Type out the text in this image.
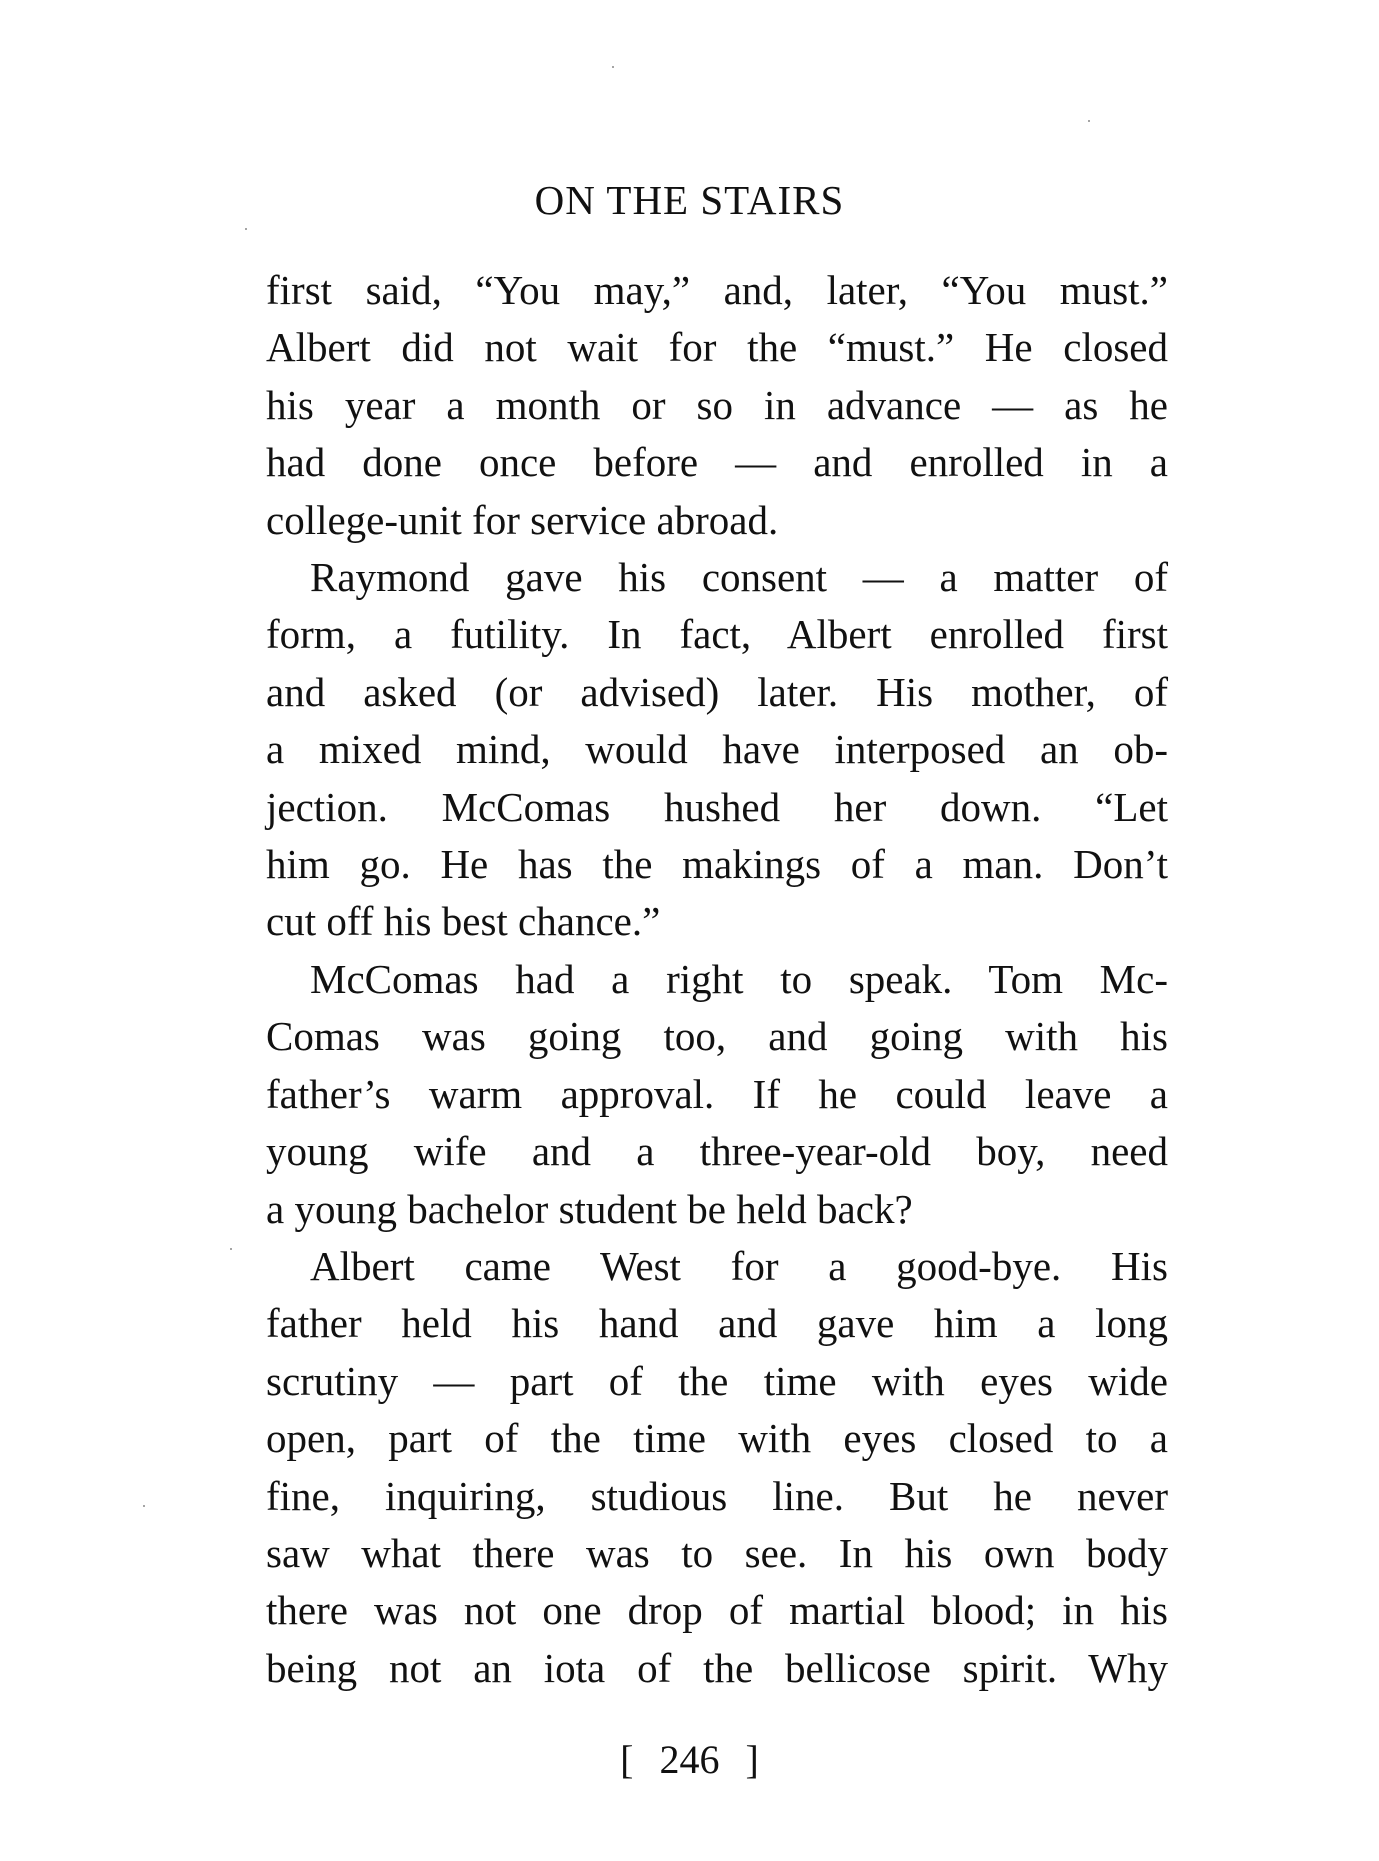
ON THE STAIRS

first said, “You may,” and, later, “You must.”
Albert did not wait for the “must.” He closed
his year a month or so in advance — as he
had done once before — and enrolled in a
college-unit for service abroad.

Raymond gave his consent — a matter of
form, a futility. In fact, Albert enrolled first
and asked (or advised) later. His mother, of
a mixed mind, would have interposed an ob-
jection. McComas hushed her down. “Let
him go. He has the makings of a man. Don’t
cut off his best chance.”

McComas had a right to speak. Tom Mc-
Comas was going too, and going with his
father’s warm approval. If he could leave a
young wife and a three-year-old boy, need
a young bachelor student be held back?

Albert came West for a good-bye. His
father held his hand and gave him a long
scrutiny — part of the time with eyes wide
open, part of the time with eyes closed to a
fine, inquiring, studious line. But he never
saw what there was to see. In his own body
there was not one drop of martial blood; in his
being not an iota of the bellicose spirit. Why

[ 246 ]
